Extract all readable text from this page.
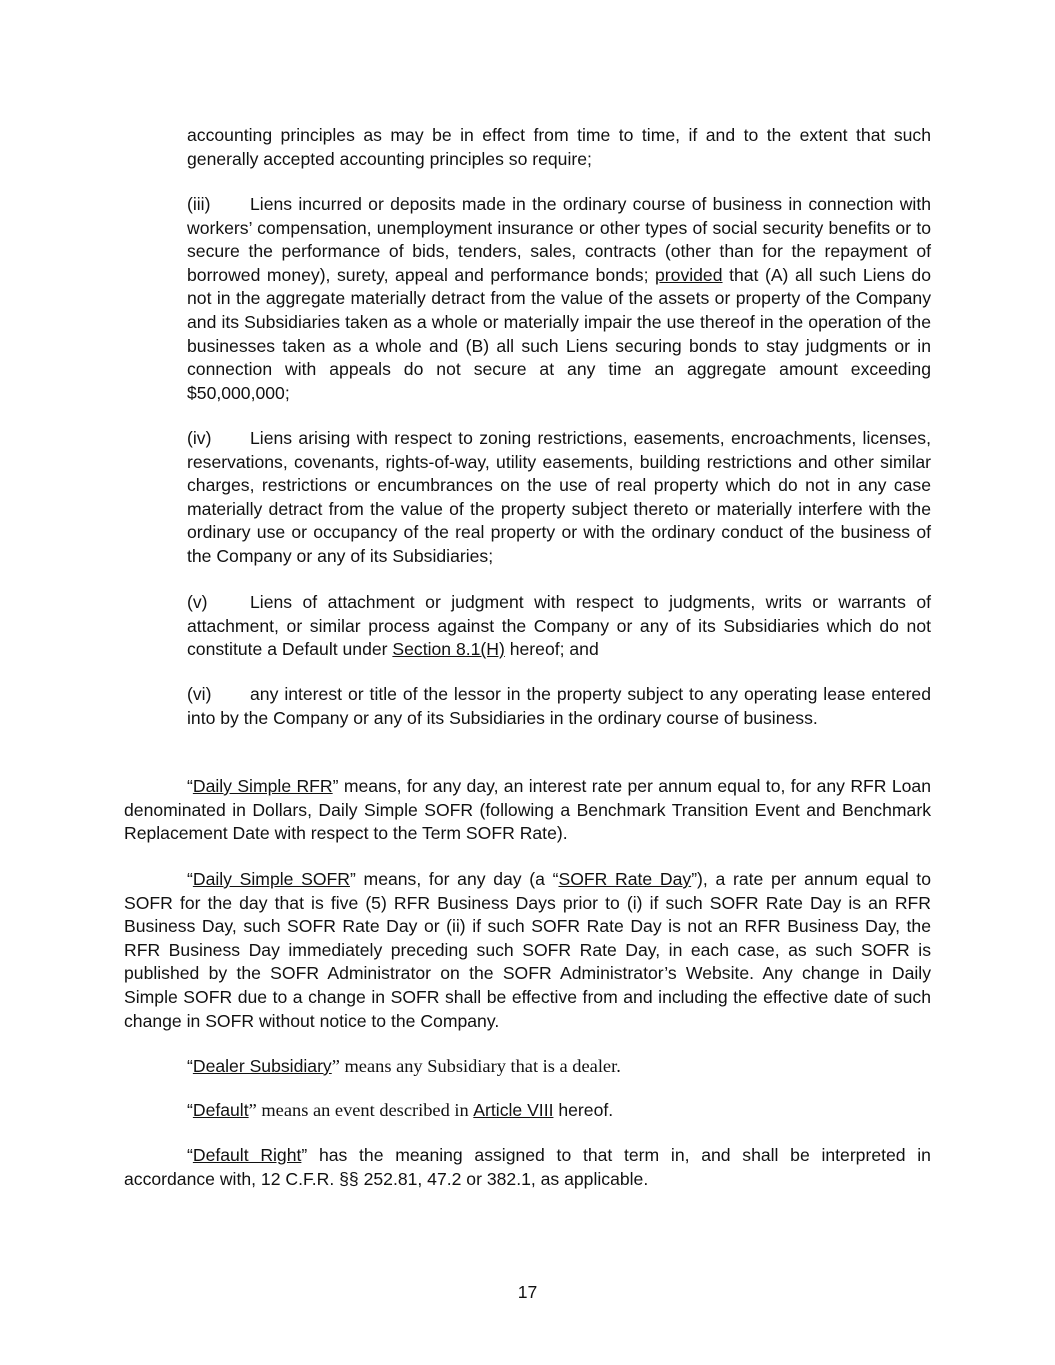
accounting principles as may be in effect from time to time, if and to the extent that such generally accepted accounting principles so require;

(iii) Liens incurred or deposits made in the ordinary course of business in connection with workers’ compensation, unemployment insurance or other types of social security benefits or to secure the performance of bids, tenders, sales, contracts (other than for the repayment of borrowed money), surety, appeal and performance bonds; provided that (A) all such Liens do not in the aggregate materially detract from the value of the assets or property of the Company and its Subsidiaries taken as a whole or materially impair the use thereof in the operation of the businesses taken as a whole and (B) all such Liens securing bonds to stay judgments or in connection with appeals do not secure at any time an aggregate amount exceeding $50,000,000;

(iv) Liens arising with respect to zoning restrictions, easements, encroachments, licenses, reservations, covenants, rights-of-way, utility easements, building restrictions and other similar charges, restrictions or encumbrances on the use of real property which do not in any case materially detract from the value of the property subject thereto or materially interfere with the ordinary use or occupancy of the real property or with the ordinary conduct of the business of the Company or any of its Subsidiaries;

(v) Liens of attachment or judgment with respect to judgments, writs or warrants of attachment, or similar process against the Company or any of its Subsidiaries which do not constitute a Default under Section 8.1(H) hereof; and

(vi) any interest or title of the lessor in the property subject to any operating lease entered into by the Company or any of its Subsidiaries in the ordinary course of business.

“Daily Simple RFR” means, for any day, an interest rate per annum equal to, for any RFR Loan denominated in Dollars, Daily Simple SOFR (following a Benchmark Transition Event and Benchmark Replacement Date with respect to the Term SOFR Rate).

“Daily Simple SOFR” means, for any day (a “SOFR Rate Day”), a rate per annum equal to SOFR for the day that is five (5) RFR Business Days prior to (i) if such SOFR Rate Day is an RFR Business Day, such SOFR Rate Day or (ii) if such SOFR Rate Day is not an RFR Business Day, the RFR Business Day immediately preceding such SOFR Rate Day, in each case, as such SOFR is published by the SOFR Administrator on the SOFR Administrator’s Website. Any change in Daily Simple SOFR due to a change in SOFR shall be effective from and including the effective date of such change in SOFR without notice to the Company.

“Dealer Subsidiary” means any Subsidiary that is a dealer.

“Default” means an event described in Article VIII hereof.

“Default Right” has the meaning assigned to that term in, and shall be interpreted in accordance with, 12 C.F.R. §§ 252.81, 47.2 or 382.1, as applicable.

17
